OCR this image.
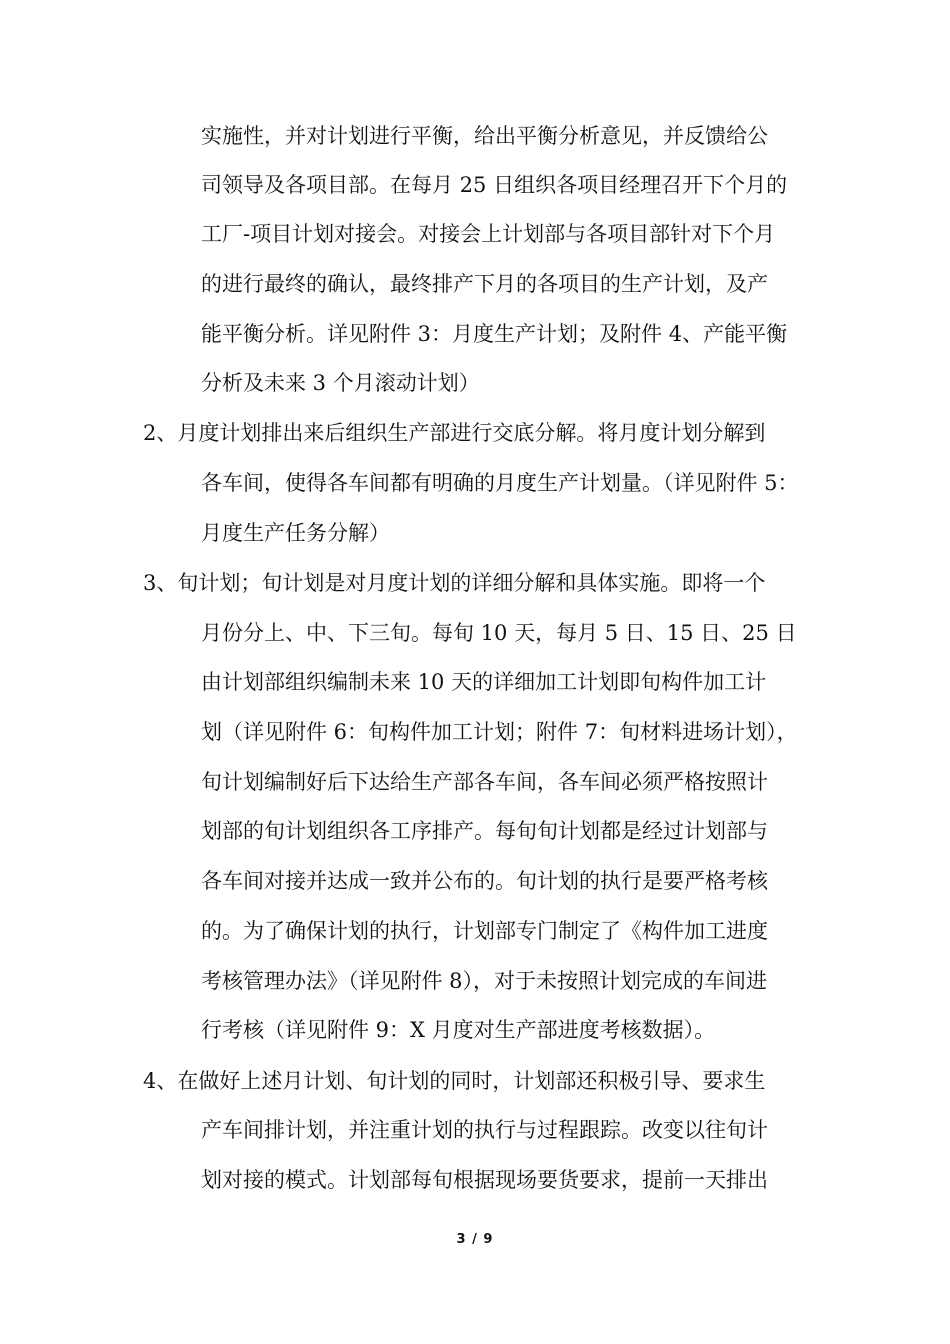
实施性，并对计划进行平衡，给出平衡分析意见，并反馈给公
司领导及各项目部。在每月 25 日组织各项目经理召开下个月的
工厂-项目计划对接会。对接会上计划部与各项目部针对下个月
的进行最终的确认，最终排产下月的各项目的生产计划，及产
能平衡分析。详见附件 3：月度生产计划；及附件 4、产能平衡
分析及未来 3 个月滚动计划）
2、月度计划排出来后组织生产部进行交底分解。将月度计划分解到
各车间，使得各车间都有明确的月度生产计划量。（详见附件 5：
月度生产任务分解）
3、旬计划；旬计划是对月度计划的详细分解和具体实施。即将一个
月份分上、中、下三旬。每旬 10 天，每月 5 日、15 日、25 日
由计划部组织编制未来 10 天的详细加工计划即旬构件加工计
划（详见附件 6：旬构件加工计划；附件 7：旬材料进场计划），
旬计划编制好后下达给生产部各车间，各车间必须严格按照计
划部的旬计划组织各工序排产。每旬旬计划都是经过计划部与
各车间对接并达成一致并公布的。旬计划的执行是要严格考核
的。为了确保计划的执行，计划部专门制定了《构件加工进度
考核管理办法》（详见附件 8），对于未按照计划完成的车间进
行考核（详见附件 9：X 月度对生产部进度考核数据）。
4、在做好上述月计划、旬计划的同时，计划部还积极引导、要求生
产车间排计划，并注重计划的执行与过程跟踪。改变以往旬计
划对接的模式。计划部每旬根据现场要货要求，提前一天排出
3 / 9
